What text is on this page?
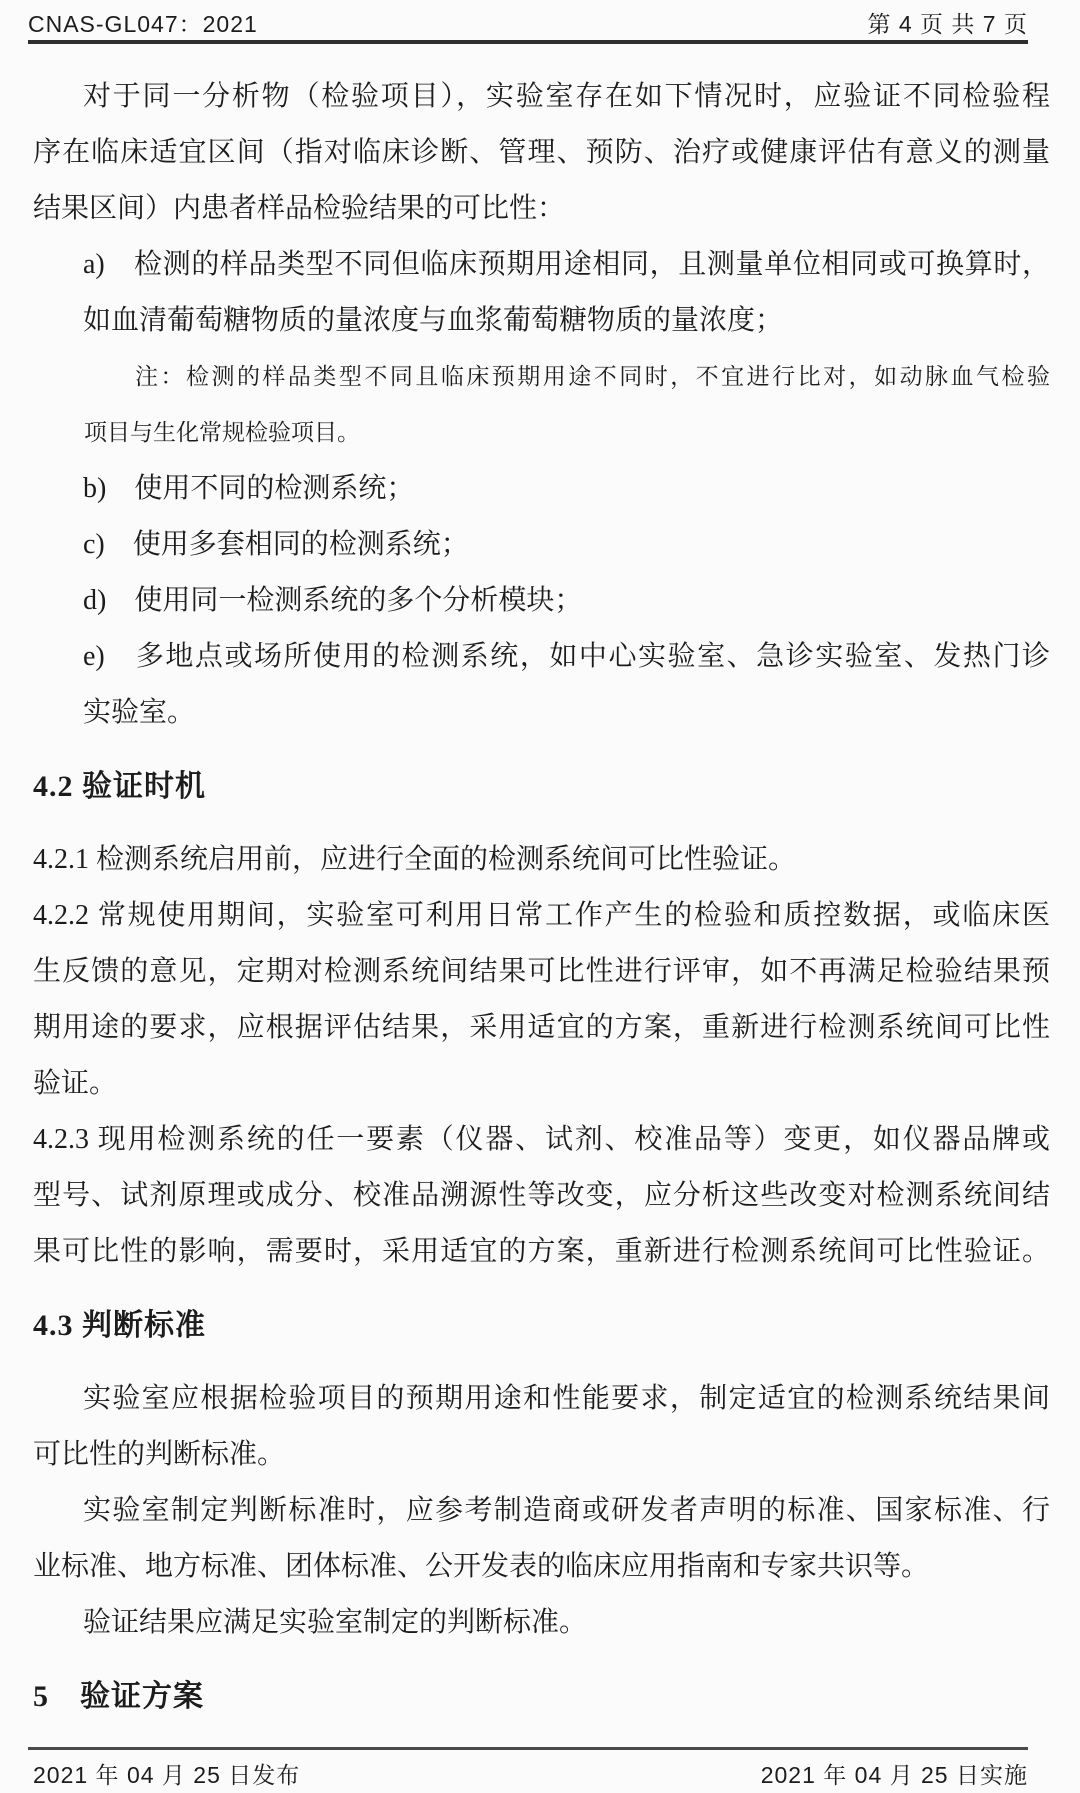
CNAS-GL047：2021	第 4 页 共 7 页
对于同一分析物（检验项目），实验室存在如下情况时，应验证不同检验程
序在临床适宜区间（指对临床诊断、管理、预防、治疗或健康评估有意义的测量
结果区间）内患者样品检验结果的可比性：
a)　检测的样品类型不同但临床预期用途相同，且测量单位相同或可换算时，
如血清葡萄糖物质的量浓度与血浆葡萄糖物质的量浓度；
注：检测的样品类型不同且临床预期用途不同时，不宜进行比对，如动脉血气检验
项目与生化常规检验项目。
b)　使用不同的检测系统；
c)　使用多套相同的检测系统；
d)　使用同一检测系统的多个分析模块；
e)　多地点或场所使用的检测系统，如中心实验室、急诊实验室、发热门诊
实验室。
4.2 验证时机
4.2.1 检测系统启用前，应进行全面的检测系统间可比性验证。
4.2.2 常规使用期间，实验室可利用日常工作产生的检验和质控数据，或临床医
生反馈的意见，定期对检测系统间结果可比性进行评审，如不再满足检验结果预
期用途的要求，应根据评估结果，采用适宜的方案，重新进行检测系统间可比性
验证。
4.2.3 现用检测系统的任一要素（仪器、试剂、校准品等）变更，如仪器品牌或
型号、试剂原理或成分、校准品溯源性等改变，应分析这些改变对检测系统间结
果可比性的影响，需要时，采用适宜的方案，重新进行检测系统间可比性验证。
4.3 判断标准
实验室应根据检验项目的预期用途和性能要求，制定适宜的检测系统结果间
可比性的判断标准。
实验室制定判断标准时，应参考制造商或研发者声明的标准、国家标准、行
业标准、地方标准、团体标准、公开发表的临床应用指南和专家共识等。
验证结果应满足实验室制定的判断标准。
5　验证方案
2021 年 04 月 25 日发布	2021 年 04 月 25 日实施
